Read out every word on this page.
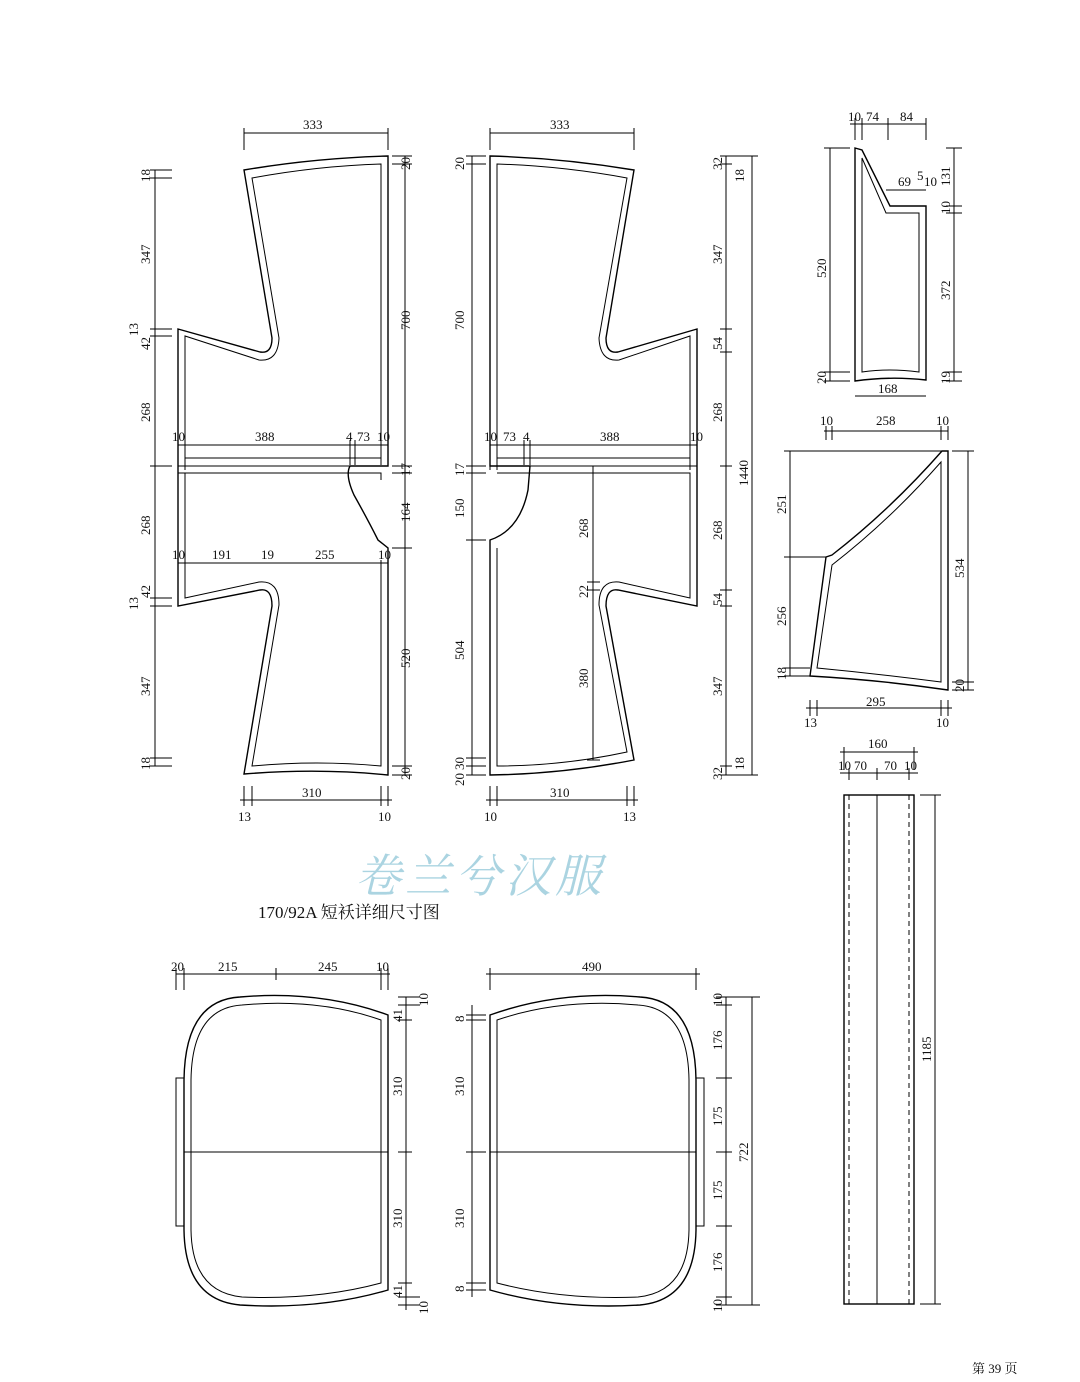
333
18
347
13
42
268
268
13
42
347
18
20
700
17
164
520
20
10	388	4 73 10
10 191 19	255	10
310
13	10
333
20
700
17
150
504
20
30
32
18
347
54
268
268
54
347
32
18
1440
10 73 4	388	10
268
22
380
310
10	13
10 74 84
69 5 10 131
10
372
19
520
20
168
10	258	10
251
256
18
534
20
295
13	10
160
10 70 70 10
1185
20	215	245	10
41
10
310
310
41
10
490
8
310
310
8
10
176
175
175
176
10
722
卷兰兮汉服
170/92A 短袄详细尺寸图
第 39 页
